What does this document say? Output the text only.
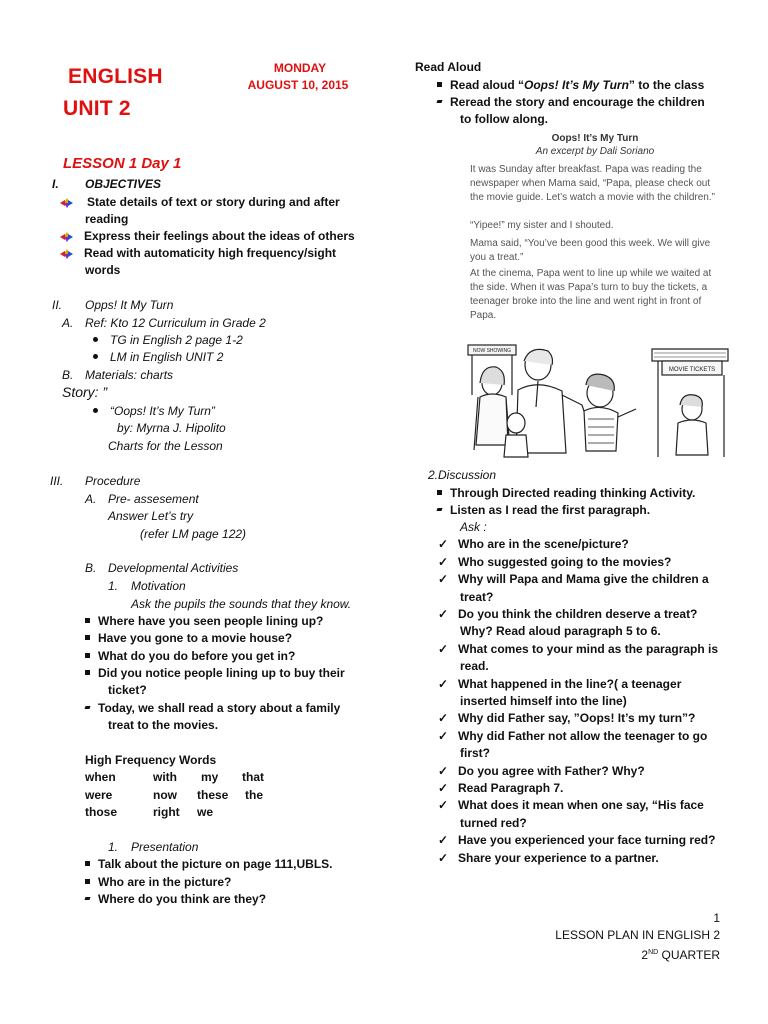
ENGLISH
UNIT 2
MONDAY
AUGUST 10, 2015
LESSON 1 Day 1
I. OBJECTIVES
State details of text or story during and after
reading
Express their feelings about the ideas of others
Read with automaticity high frequency/sight
words
II. Opps! It My Turn
A. Ref: Kto 12 Curriculum in Grade 2
TG in English 2 page 1-2
LM in English UNIT 2
B. Materials: charts
Story: ”
“Oops! It’s My Turn”
by: Myrna J. Hipolito
Charts for the Lesson
III. Procedure
A. Pre- assesement
Answer Let’s try
(refer LM page 122)
B. Developmental Activities
1. Motivation
Ask the pupils the sounds that they know.
Where have you seen people lining up?
Have you gone to a movie house?
What do you do before you get in?
Did you notice people lining up to buy their
ticket?
Today, we shall read a story about a family
treat to the movies.
High Frequency Words
when	with my that
were	now these the
those	right we
1. Presentation
Talk about the picture on page 111,UBLS.
Who are in the picture?
Where do you think are they?
Read Aloud
Read aloud “Oops! It’s My Turn” to the class
Reread the story and encourage the children
to follow along.
Oops! It’s My Turn
An excerpt by Dali Soriano
It was Sunday after breakfast. Papa was reading the newspaper when Mama said, “Papa, please check out the movie guide. Let’s watch a movie with the children.”
“Yipee!” my sister and I shouted.
Mama said, “You’ve been good this week. We will give you a treat.”
At the cinema, Papa went to line up while we waited at the side. When it was Papa’s turn to buy the tickets, a teenager broke into the line and went right in front of Papa.
NOW SHOWING
MOVIE TICKETS
2.Discussion
Through Directed reading thinking Activity.
Listen as I read the first paragraph.
Ask :
✓ Who are in the scene/picture?
✓ Who suggested going to the movies?
✓ Why will Papa and Mama give the children a
treat?
✓ Do you think the children deserve a treat?
Why? Read aloud paragraph 5 to 6.
✓ What comes to your mind as the paragraph is
read.
✓ What happened in the line?( a teenager
inserted himself into the line)
✓ Why did Father say, ”Oops! It’s my turn”?
✓ Why did Father not allow the teenager to go
first?
✓ Do you agree with Father? Why?
✓ Read Paragraph 7.
✓ What does it mean when one say, “His face
turned red?
✓ Have you experienced your face turning red?
✓ Share your experience to a partner.
1
LESSON PLAN IN ENGLISH 2
2ND QUARTER
